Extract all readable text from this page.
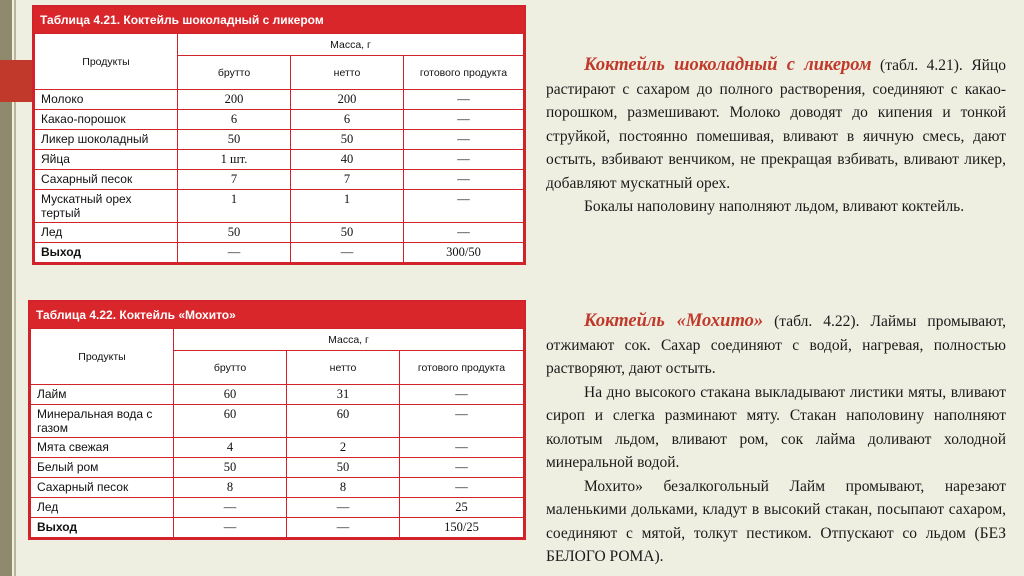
Таблица 4.21. Коктейль шоколадный с ликером
Продукты	Масса, г		
	брутто	нетто	готового продукта
Молоко	200	200	—
Какао-порошок	6	6	—
Ликер шоколадный	50	50	—
Яйца	1 шт.	40	—
Сахарный песок	7	7	—
Мускатный орех тертый	1	1	—
Лед	50	50	—
Выход	—	—	300/50
Таблица 4.22. Коктейль «Мохито»
Продукты	Масса, г		
	брутто	нетто	готового продукта
Лайм	60	31	—
Минеральная вода с газом	60	60	—
Мята свежая	4	2	—
Белый ром	50	50	—
Сахарный песок	8	8	—
Лед	—	—	25
Выход	—	—	150/25

Коктейль шоколадный с ликером (табл. 4.21). Яйцо растирают с сахаром до полного растворения, соединяют с какао-порошком, размешивают. Молоко доводят до кипения и тонкой струйкой, постоянно помешивая, вливают в яичную смесь, дают остыть, взбивают венчиком, не прекращая взбивать, вливают ликер, добавляют мускатный орех.

Бокалы наполовину наполняют льдом, вливают коктейль.

Коктейль «Мохито» (табл. 4.22). Лаймы промывают, отжимают сок. Сахар соединяют с водой, нагревая, полностью растворяют, дают остыть.

На дно высокого стакана выкладывают листики мяты, вливают сироп и слегка разминают мяту. Стакан наполовину наполняют колотым льдом, вливают ром, сок лайма доливают холодной минеральной водой.

Мохито» безалкогольный Лайм промывают, нарезают маленькими дольками, кладут в высокий стакан, посыпают сахаром, соединяют с мятой, толкут пестиком. Отпускают со льдом (БЕЗ БЕЛОГО РОМА).
